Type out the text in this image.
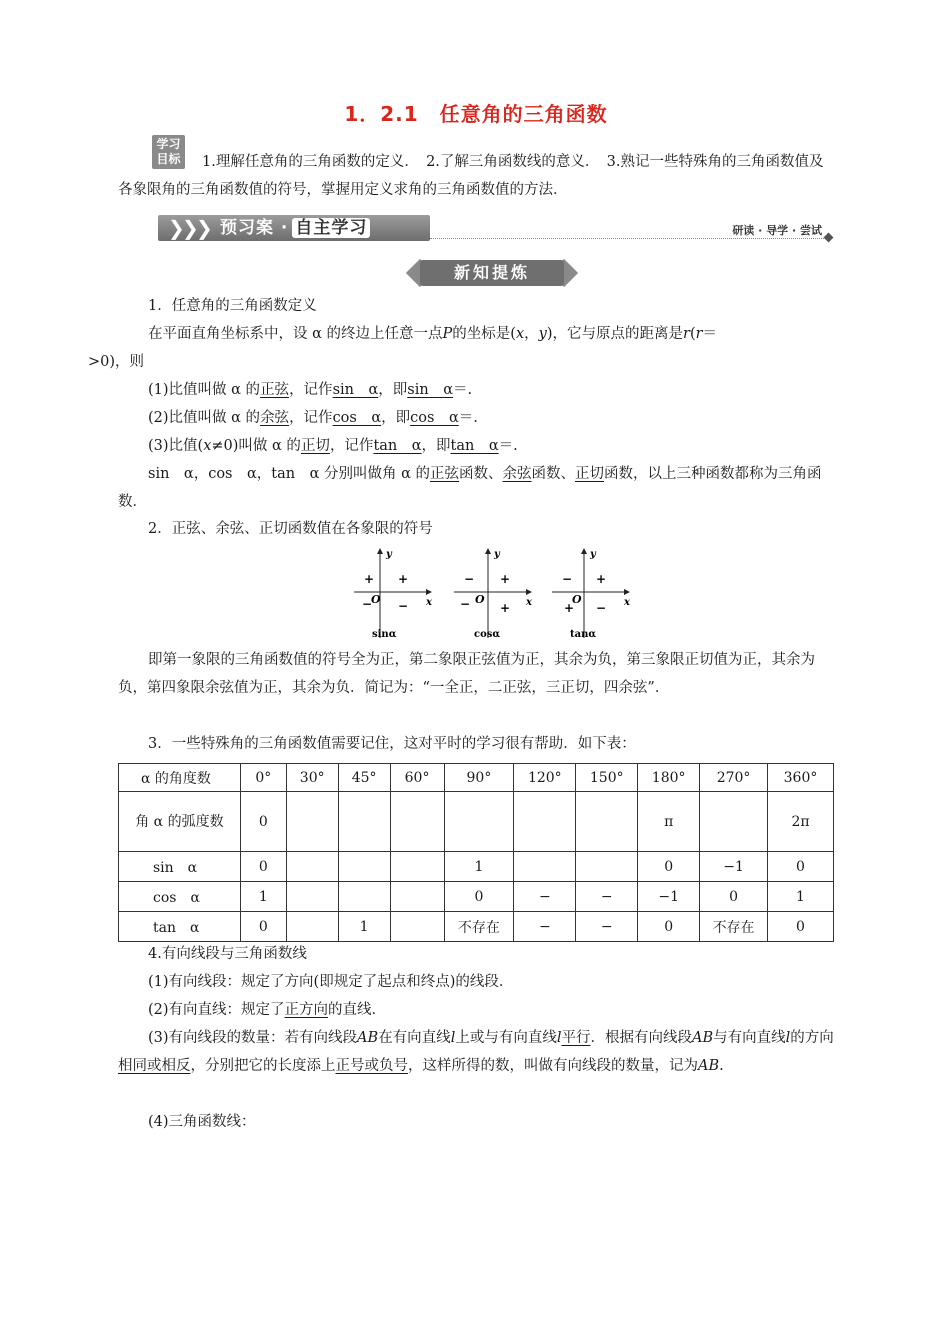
1．2.1　任意角的三角函数
学习
目标	1.理解任意角的三角函数的定义．　2.了解三角函数线的意义．　3.熟记一些特殊角的三角函数值及各象限角的三角函数值的符号，掌握用定义求角的三角函数值的方法．
❯
❯
❯ 预习案 · 自主学习	研读 · 导学 · 尝试
新知提炼
1．任意角的三角函数定义
在平面直角坐标系中，设 α 的终边上任意一点P的坐标是(x，y)，它与原点的距离是r(r＝
>0)，则
(1)比值叫做 α 的正弦，记作sin　α，即sin　α＝.
(2)比值叫做 α 的余弦，记作cos　α，即cos　α＝.
(3)比值(x≠0)叫做 α 的正切，记作tan　α，即tan　α＝.
sin　α，cos　α，tan　α 分别叫做角 α 的正弦函数、余弦函数、正切函数，以上三种函数都称为三角函数．
2．正弦、余弦、正切函数值在各象限的符号
y
x
O
+
+
− −
sinα
y
x
O
+
−
− +
cosα
y
x
O
+
−
+ −
tanα
即第一象限的三角函数值的符号全为正，第二象限正弦值为正，其余为负，第三象限正切值为正，其余为负，第四象限余弦值为正，其余为负．简记为：“一全正，二正弦，三正切，四余弦”．
3．一些特殊角的三角函数值需要记住，这对平时的学习很有帮助．如下表：
α 的角度数	0°	30°	45°	60°	90°	120°	150°	180°	270°	360°
角 α 的弧度数	0							π		2π
sin　α	0				1			0	−1	0
cos　α	1				0	−	−	−1	0	1
tan　α	0		1		不存在	−	−	0	不存在	0
4.有向线段与三角函数线
(1)有向线段：规定了方向(即规定了起点和终点)的线段．
(2)有向直线：规定了正方向的直线．
(3)有向线段的数量：若有向线段AB在有向直线l上或与有向直线l平行．根据有向线段AB与有向直线l的方向相同或相反，分别把它的长度添上正号或负号，这样所得的数，叫做有向线段的数量，记为AB.
(4)三角函数线：
